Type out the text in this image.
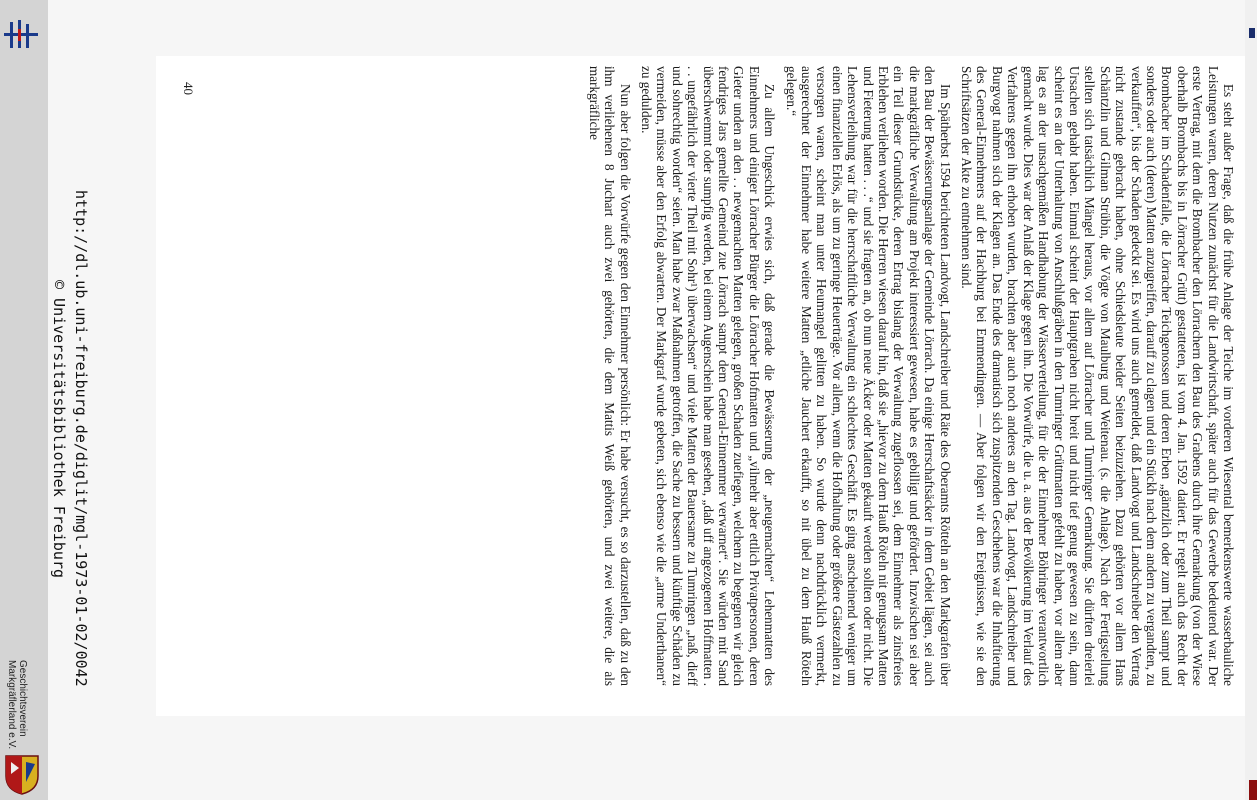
http://dl.ub.uni-freiburg.de/diglit/mgl-1973-01-02/0042
© Universitätsbibliothek Freiburg
Geschichtsverein
Markgräflerland e.V.

Es steht außer Frage, daß die frühe Anlage der Teiche im vorderen Wiesental bemerkenswerte wasserbauliche Leistungen waren, deren Nutzen zunächst für die Landwirtschaft, später auch für das Gewerbe bedeutend war. Der erste Vertrag, mit dem die Brombacher den Lörrachern den Bau des Grabens durch ihre Gemarkung (von der Wiese oberhalb Brombachs bis in Lörracher Grütt) gestatteten, ist vom 4. Jan. 1592 datiert. Er regelt auch das Recht der Brombacher im Schadenfalle, die Lörracher Teichgenossen und deren Erben „gäntzlich oder zum Theil sampt und sonders oder auch (deren) Matten anzugreiffen, darauff zu clagen und ein Stückh nach dem andern zu vergandten, zu verkauffen“, bis der Schaden gedeckt sei. Es wird uns auch gemeldet, daß Landvogt und Landschreiber den Vertrag nicht zustande gebracht haben, ohne Schiedsleute beider Seiten beizuziehen. Dazu gehörten vor allem Hans Schäntzlin und Gilman Strübin, die Vögte von Maulburg und Weitenau. (s. die Anlage). Nach der Fertigstellung stellten sich tatsächlich Mängel heraus, vor allem auf Lörracher und Tumringer Gemarkung. Sie dürften dreierlei Ursachen gehabt haben. Einmal scheint der Hauptgraben nicht breit und nicht tief genug gewesen zu sein, dann scheint es an der Unterhaltung von Anschlußgräben in den Tumringer Grüttmatten gefehlt zu haben, vor allem aber lag es an der unsachgemäßen Handhabung der Wässerverteilung, für die der Einnehmer Böhringer verantwortlich gemacht wurde. Dies war der Anlaß der Klage gegen ihn. Die Vorwürfe, die u. a. aus der Bevölkerung im Verlauf des Verfahrens gegen ihn erhoben wurden, brachten aber auch noch anderes an den Tag. Landvogt, Landschreiber und Burgvogt nahmen sich der Klagen an. Das Ende des dramatisch sich zuspitzenden Geschehens war die Inhaftierung des General-Einnehmers auf der Hachburg bei Emmendingen. — Aber folgen wir den Ereignissen, wie sie den Schriftsätzen der Akte zu entnehmen sind.

Im Spätherbst 1594 berichteten Landvogt, Landschreiber und Räte des Oberamts Rötteln an den Markgrafen über den Bau der Bewässerungsanlage der Gemeinde Lörrach. Da einige Herrschaftsäcker in dem Gebiet lägen, sei auch die markgräfliche Verwaltung am Projekt interessiert gewesen, habe es gebilligt und gefördert. Inzwischen sei aber ein Teil dieser Grundstücke, deren Ertrag bislang der Verwaltung zugeflossen sei, dem Einnehmer als zinsfreies Erblehen verliehen worden. Die Herren wiesen darauf hin, daß sie „hievor zu dem Hauß Röteln nit genugsam Matten und Fieterung hatten . . .“ und sie fragten an, ob nun neue Äcker oder Matten gekauft werden sollten oder nicht. Die Lehensverleihung war für die herrschaftliche Verwaltung ein schlechtes Geschäft. Es ging anscheinend weniger um einen finanziellen Erlös, als um zu geringe Heuerträge. Vor allem, wenn die Hofhaltung oder größere Gästezahlen zu versorgen waren, scheint man unter Heumangel gelitten zu haben. So wurde denn nachdrücklich vermerkt, ausgerechnet der Einnehmer habe weitere Matten „etliche Jauchert erkaufft, so nit übel zu dem Hauß Röteln gelegen.“

Zu allem Ungeschick erwies sich, daß gerade die Bewässerung der „neugemachten“ Lehenmatten des Einnehmers und einiger Lörracher Bürger die Lörracher Hofmatten und „vilmehr aber ettlich Privatpersonen, deren Gieter unden an den . . newgemachten Matten gelegen, großen Schaden zuefiegen, welchem zu begegnen wir gleich fendriges Jars gemellte Gemeind zue Lörrach sampt dem General-Einnemmer verwarnet“. Sie würden mit Sand überschwemmt oder sumpfig werden, bei einem Augenschein habe man gesehen, „daß uff angezogenen Hoffmatten . . . ungefährlich der vierte Theil mit Sohr¹) überwachsen“ und viele Matten der Bauersame zu Tumringen „naß, dieff und sohrechtig worden“ seien. Man habe zwar Maßnahmen getroffen, die Sache zu bessern und künftige Schäden zu vermeiden, müsse aber den Erfolg abwarten. Der Markgraf wurde gebeten, sich ebenso wie die „arme Underthanen“ zu gedulden.

Nun aber folgen die Vorwürfe gegen den Einnehmer persönlich: Er habe versucht, es so darzustellen, daß zu den ihm verliehenen 8 Juchart auch zwei gehörten, die dem Mattis Weiß gehörten, und zwei weitere, die als markgräfliche

40
